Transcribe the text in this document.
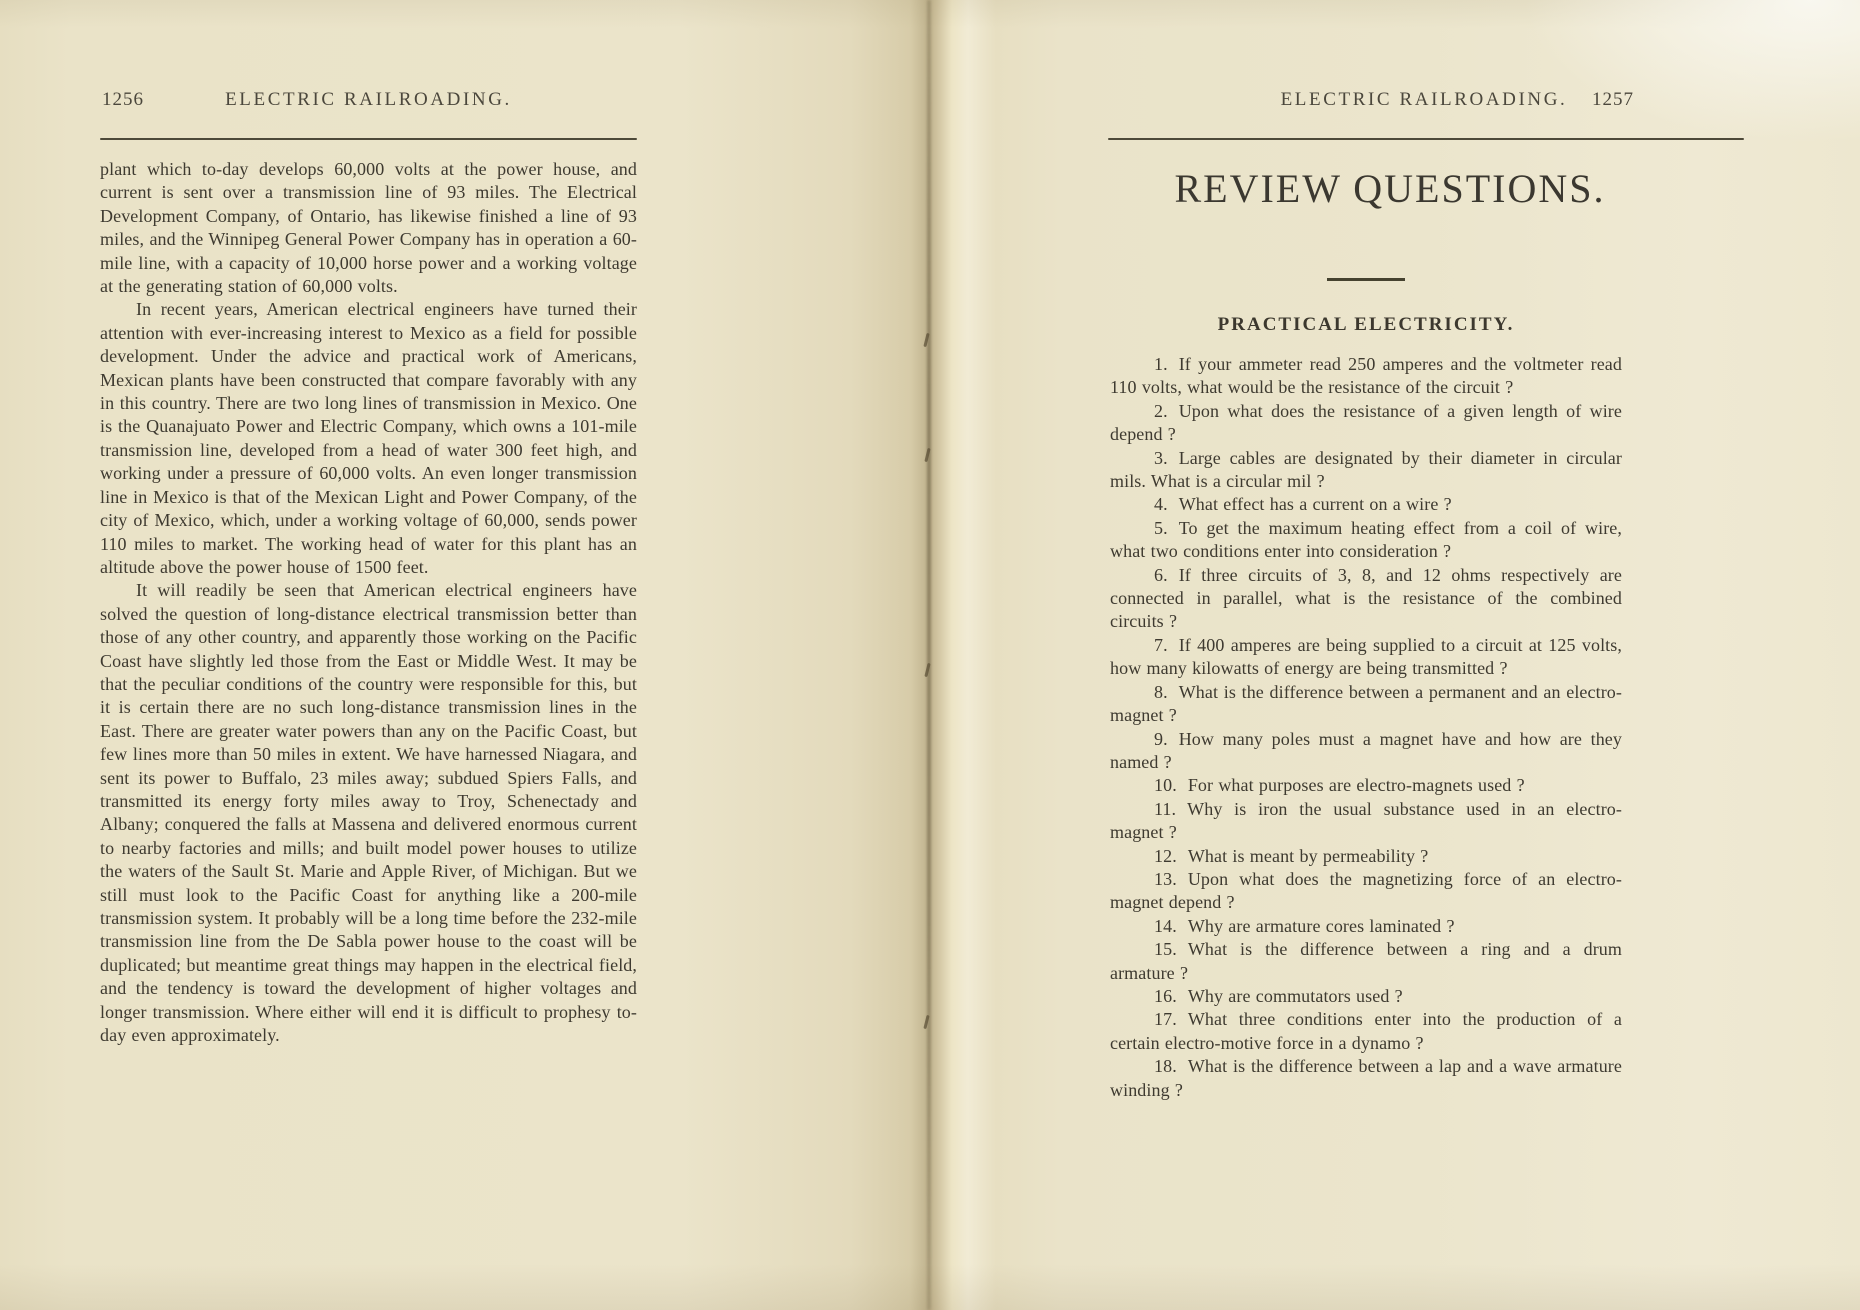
1256	ELECTRIC RAILROADING.

plant which to-day develops 60,000 volts at the power house, and current is sent over a transmission line of 93 miles. The Electrical Development Company, of Ontario, has likewise finished a line of 93 miles, and the Winnipeg General Power Company has in operation a 60-mile line, with a capacity of 10,000 horse power and a working voltage at the generating station of 60,000 volts.

In recent years, American electrical engineers have turned their attention with ever-increasing interest to Mexico as a field for possible development. Under the advice and practical work of Americans, Mexican plants have been constructed that compare favorably with any in this country. There are two long lines of transmission in Mexico. One is the Quanajuato Power and Electric Company, which owns a 101-mile transmission line, developed from a head of water 300 feet high, and working under a pressure of 60,000 volts. An even longer transmission line in Mexico is that of the Mexican Light and Power Company, of the city of Mexico, which, under a working voltage of 60,000, sends power 110 miles to market. The working head of water for this plant has an altitude above the power house of 1500 feet.

It will readily be seen that American electrical engineers have solved the question of long-distance electrical transmission better than those of any other country, and apparently those working on the Pacific Coast have slightly led those from the East or Middle West. It may be that the peculiar conditions of the country were responsible for this, but it is certain there are no such long-distance transmission lines in the East. There are greater water powers than any on the Pacific Coast, but few lines more than 50 miles in extent. We have harnessed Niagara, and sent its power to Buffalo, 23 miles away; subdued Spiers Falls, and transmitted its energy forty miles away to Troy, Schenectady and Albany; conquered the falls at Massena and delivered enormous current to nearby factories and mills; and built model power houses to utilize the waters of the Sault St. Marie and Apple River, of Michigan. But we still must look to the Pacific Coast for anything like a 200-mile transmission system. It probably will be a long time before the 232-mile transmission line from the De Sabla power house to the coast will be duplicated; but meantime great things may happen in the electrical field, and the tendency is toward the development of higher voltages and longer transmission. Where either will end it is difficult to prophesy to-day even approximately.

ELECTRIC RAILROADING.	1257
REVIEW QUESTIONS.
PRACTICAL ELECTRICITY.

1. If your ammeter read 250 amperes and the voltmeter read 110 volts, what would be the resistance of the circuit ?

2. Upon what does the resistance of a given length of wire depend ?

3. Large cables are designated by their diameter in circular mils. What is a circular mil ?

4. What effect has a current on a wire ?

5. To get the maximum heating effect from a coil of wire, what two conditions enter into consideration ?

6. If three circuits of 3, 8, and 12 ohms respectively are connected in parallel, what is the resistance of the combined circuits ?

7. If 400 amperes are being supplied to a circuit at 125 volts, how many kilowatts of energy are being transmitted ?

8. What is the difference between a permanent and an electro-magnet ?

9. How many poles must a magnet have and how are they named ?

10. For what purposes are electro-magnets used ?

11. Why is iron the usual substance used in an electro-magnet ?

12. What is meant by permeability ?

13. Upon what does the magnetizing force of an electro-magnet depend ?

14. Why are armature cores laminated ?

15. What is the difference between a ring and a drum armature ?

16. Why are commutators used ?

17. What three conditions enter into the production of a certain electro-motive force in a dynamo ?

18. What is the difference between a lap and a wave armature winding ?
